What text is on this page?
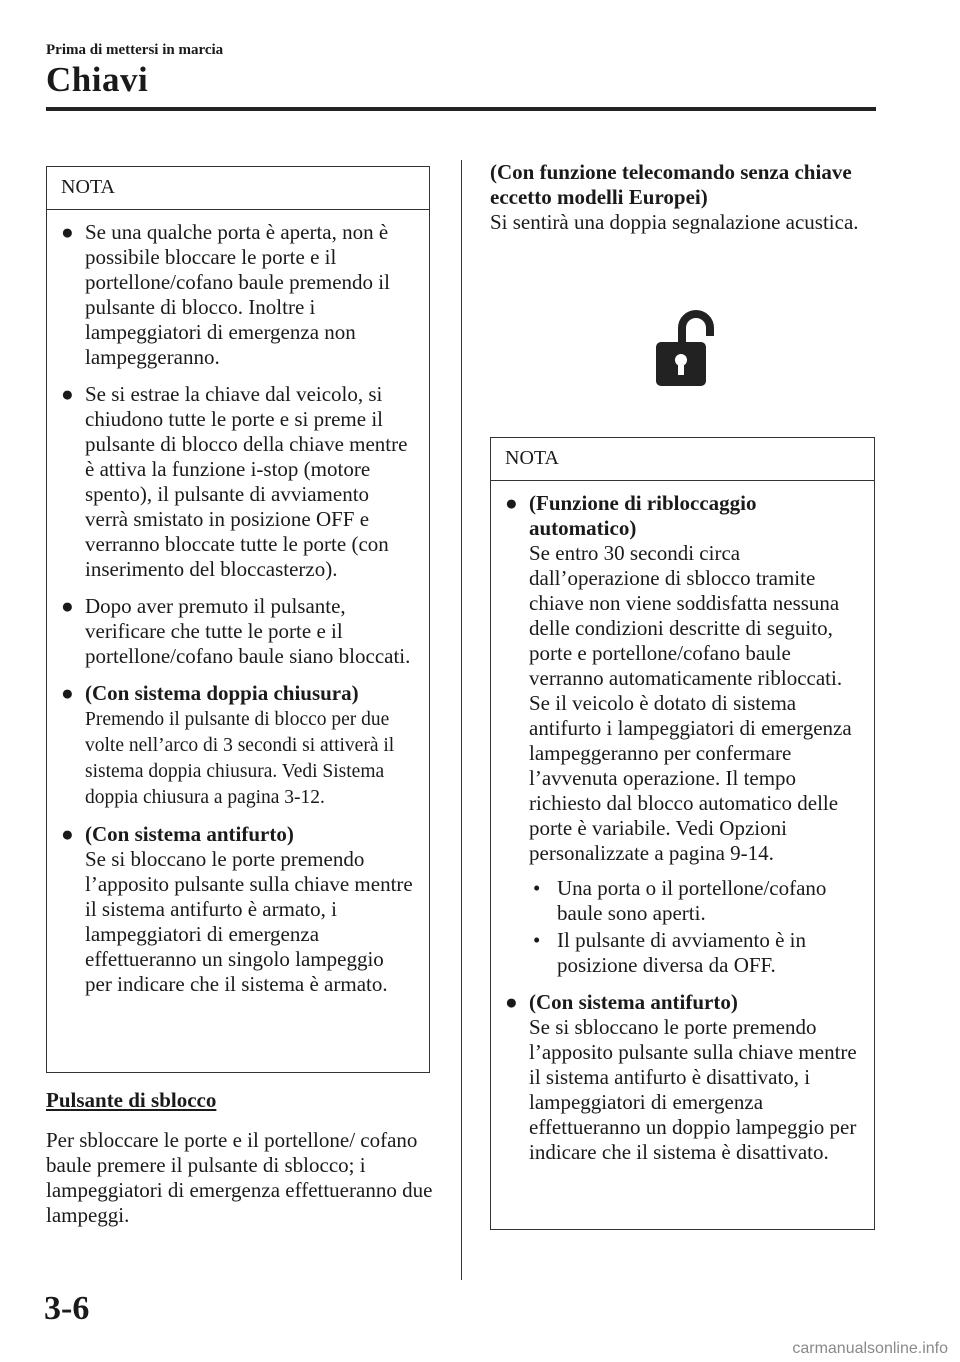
Prima di mettersi in marcia
Chiavi
NOTA
● Se una qualche porta è aperta, non è possibile bloccare le porte e il portellone/cofano baule premendo il pulsante di blocco. Inoltre i lampeggiatori di emergenza non lampeggeranno.
● Se si estrae la chiave dal veicolo, si chiudono tutte le porte e si preme il pulsante di blocco della chiave mentre è attiva la funzione i-stop (motore spento), il pulsante di avviamento verrà smistato in posizione OFF e verranno bloccate tutte le porte (con inserimento del bloccasterzo).
● Dopo aver premuto il pulsante, verificare che tutte le porte e il portellone/cofano baule siano bloccati.
● (Con sistema doppia chiusura)
Premendo il pulsante di blocco per due volte nell’arco di 3 secondi si attiverà il sistema doppia chiusura. Vedi Sistema doppia chiusura a pagina 3-12.
● (Con sistema antifurto)
Se si bloccano le porte premendo l’apposito pulsante sulla chiave mentre il sistema antifurto è armato, i lampeggiatori di emergenza effettueranno un singolo lampeggio per indicare che il sistema è armato.
Pulsante di sblocco
Per sbloccare le porte e il portellone/ cofano baule premere il pulsante di sblocco; i lampeggiatori di emergenza effettueranno due lampeggi.
(Con funzione telecomando senza chiave eccetto modelli Europei)
Si sentirà una doppia segnalazione acustica.
NOTA
● (Funzione di ribloccaggio automatico)
Se entro 30 secondi circa dall’operazione di sblocco tramite chiave non viene soddisfatta nessuna delle condizioni descritte di seguito, porte e portellone/cofano baule verranno automaticamente ribloccati. Se il veicolo è dotato di sistema antifurto i lampeggiatori di emergenza lampeggeranno per confermare l’avvenuta operazione. Il tempo richiesto dal blocco automatico delle porte è variabile. Vedi Opzioni personalizzate a pagina 9-14.
• Una porta o il portellone/cofano baule sono aperti.
• Il pulsante di avviamento è in posizione diversa da OFF.
● (Con sistema antifurto)
Se si sbloccano le porte premendo l’apposito pulsante sulla chiave mentre il sistema antifurto è disattivato, i lampeggiatori di emergenza effettueranno un doppio lampeggio per indicare che il sistema è disattivato.
3-6
carmanualsonline.info
